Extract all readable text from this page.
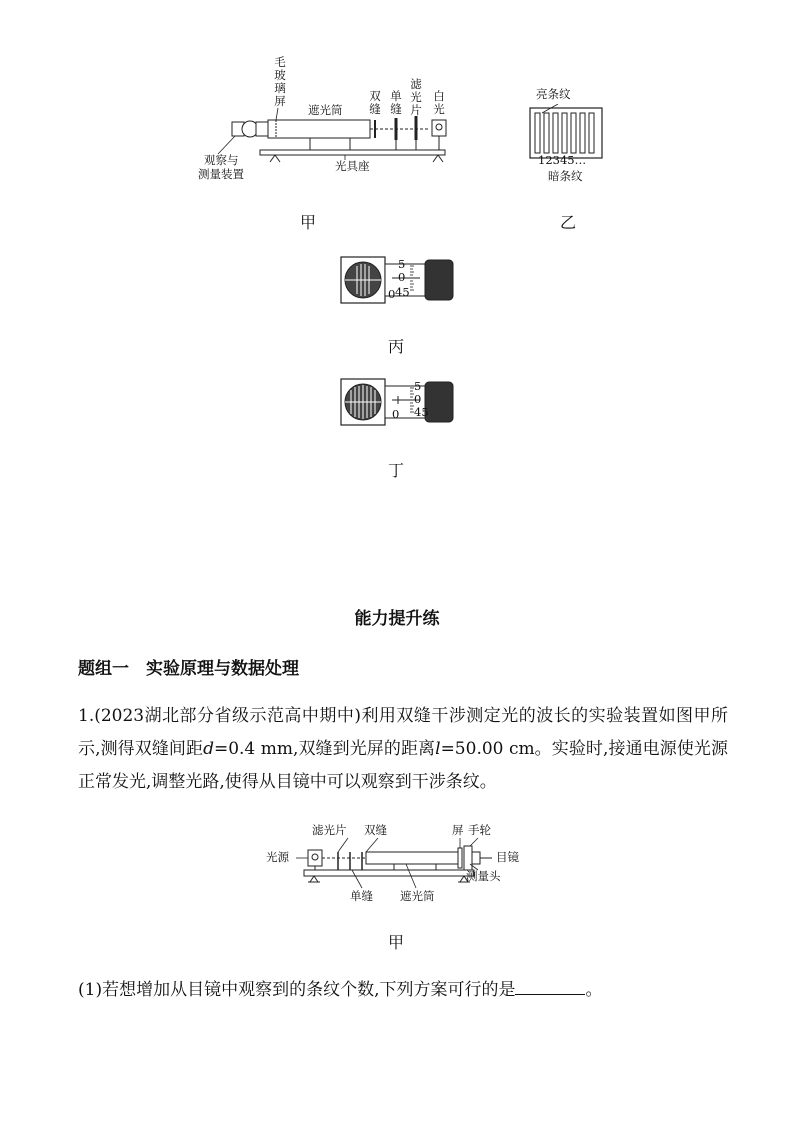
毛玻璃屏
遮光筒
双缝
单缝
滤光片
白光
观察与
测量装置
光具座
甲
亮条纹
12345…
暗条纹
乙
5
0
45
0
丙
5
0
45
0
丁
能力提升练
题组一　实验原理与数据处理
1.(2023湖北部分省级示范高中期中)利用双缝干涉测定光的波长的实验装置如图甲所示,测得双缝间距d=0.4 mm,双缝到光屏的距离l=50.00 cm。实验时,接通电源使光源正常发光,调整光路,使得从目镜中可以观察到干涉条纹。
滤光片 双缝	屏 手轮
光源	目镜
测量头
单缝 遮光筒
甲
(1)若想增加从目镜中观察到的条纹个数,下列方案可行的是	。
